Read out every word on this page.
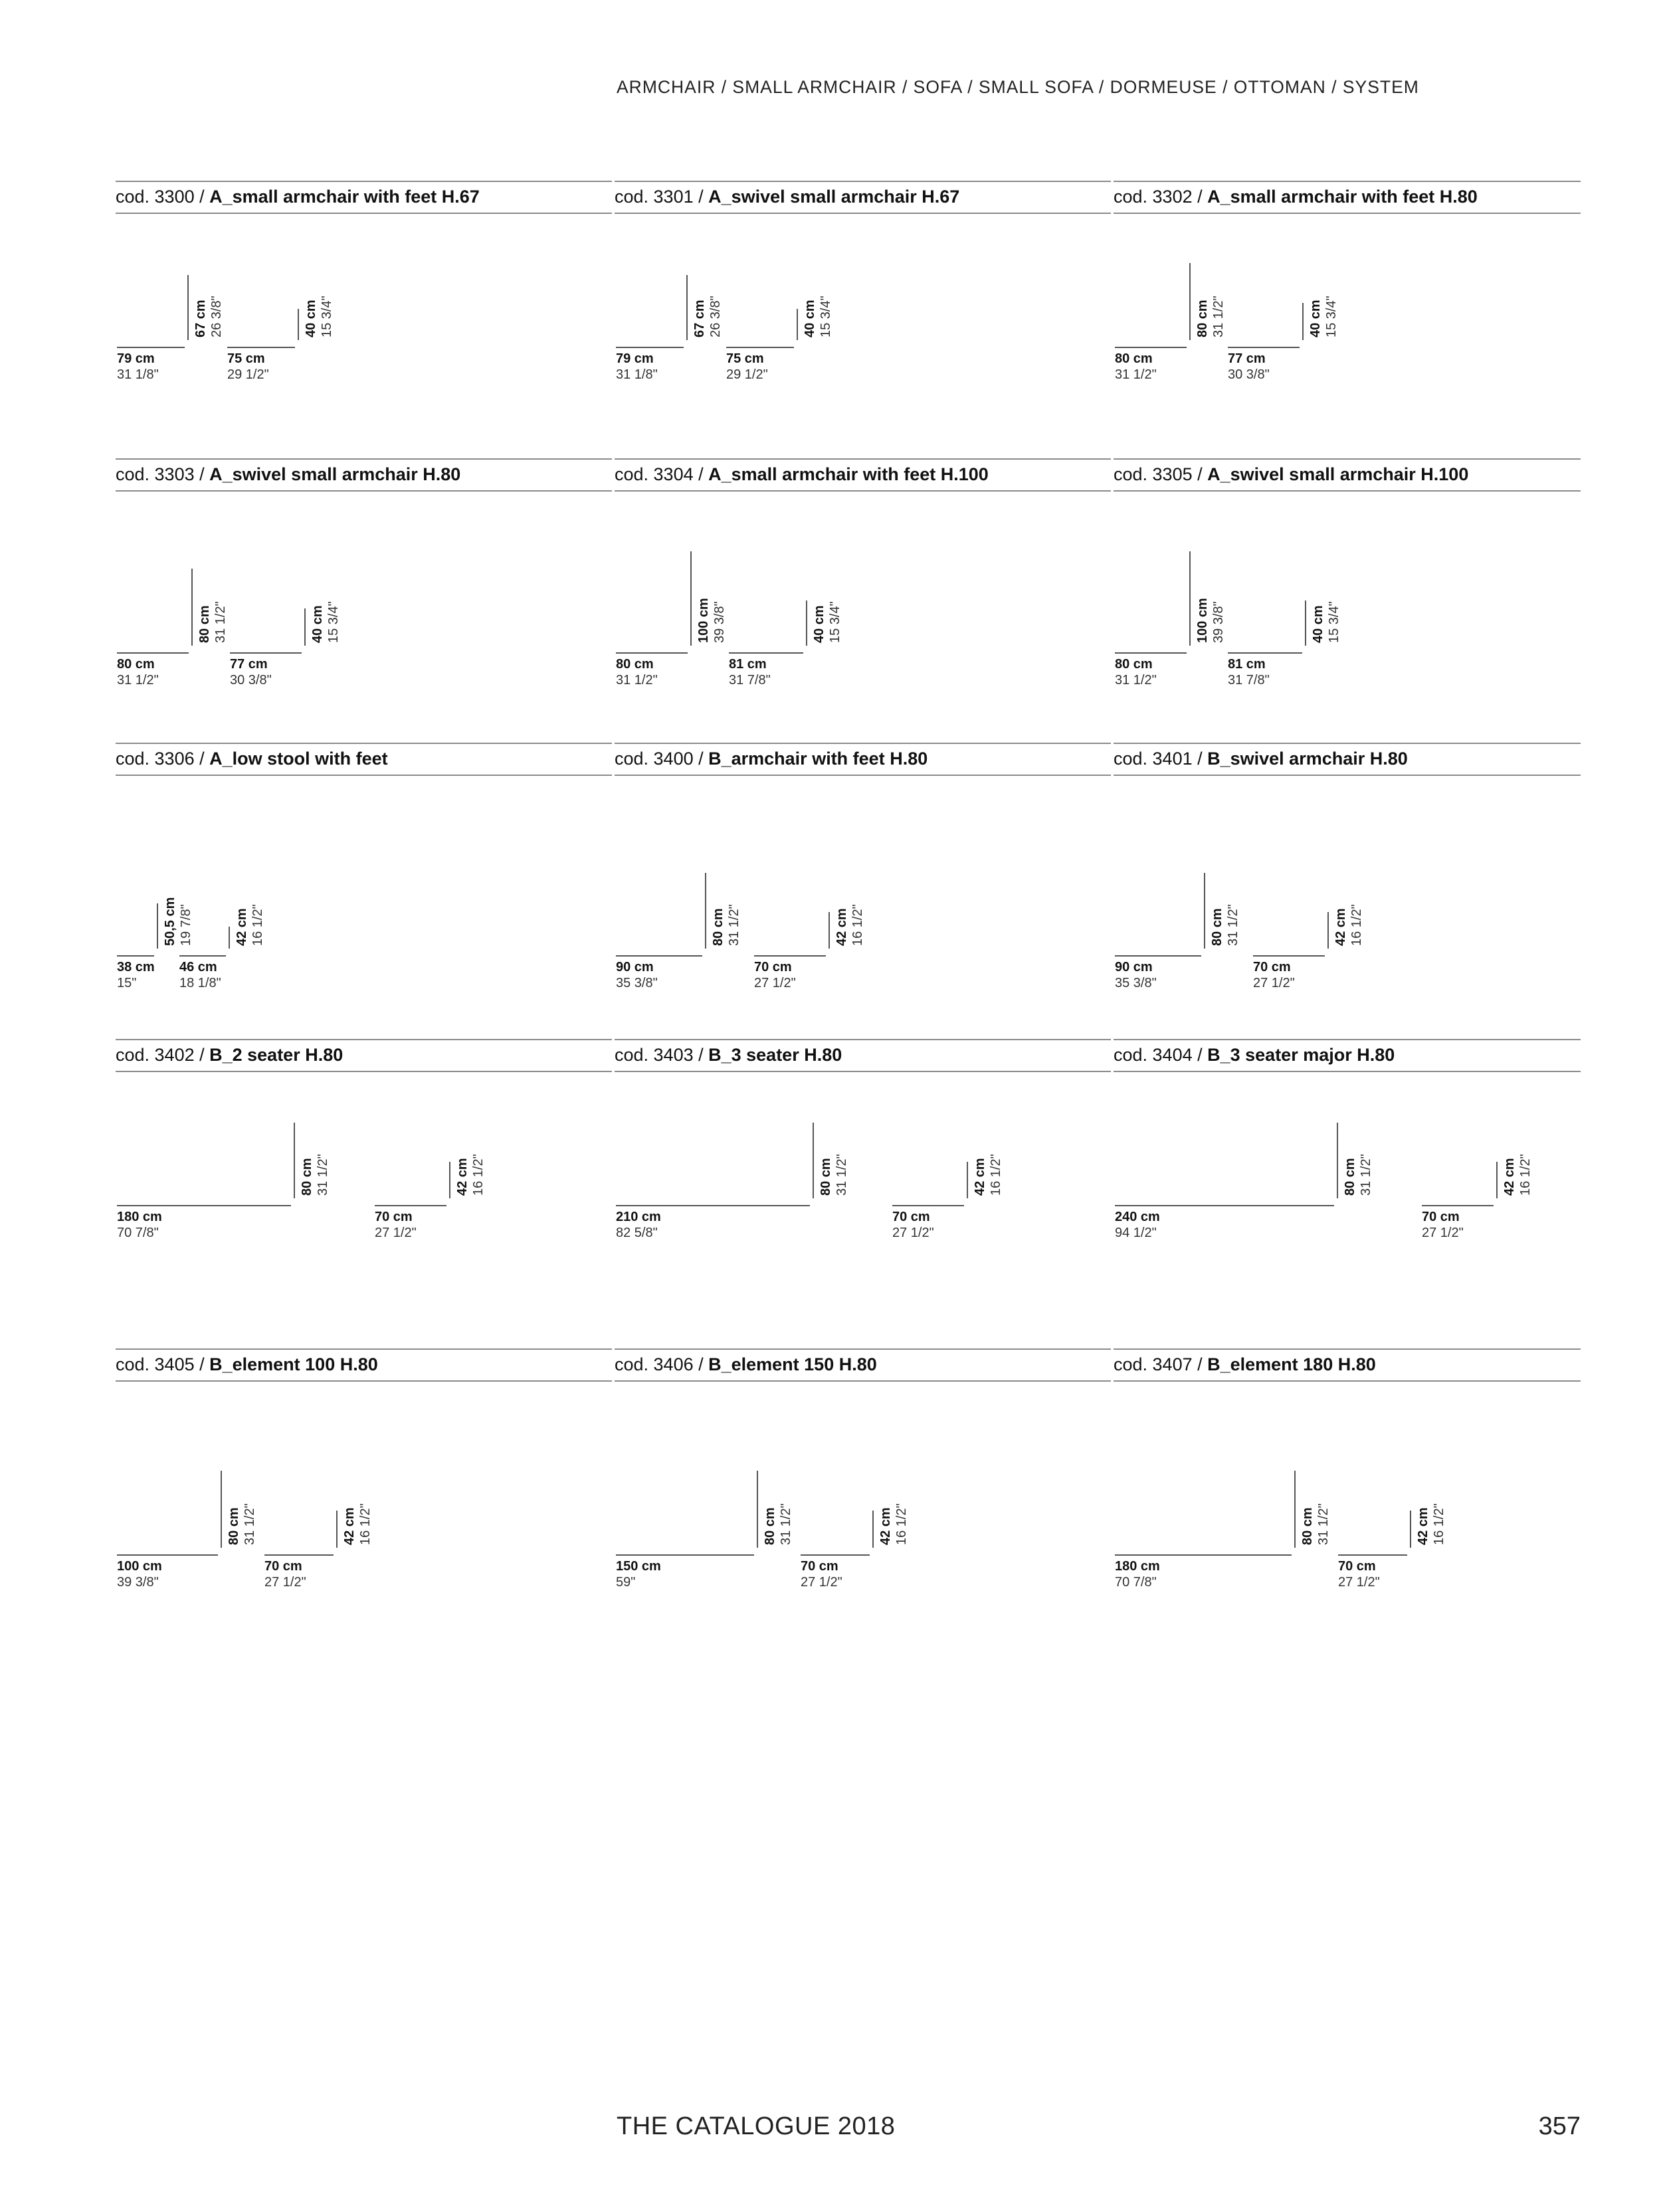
ARMCHAIR / SMALL ARMCHAIR / SOFA / SMALL SOFA / DORMEUSE / OTTOMAN / SYSTEM
cod. 3300 / A_small armchair with feet H.67
67 cm 26 3/8"
79 cm
31 1/8"
40 cm 15 3/4"
75 cm
29 1/2"
cod. 3301 / A_swivel small armchair H.67
67 cm 26 3/8"
79 cm
31 1/8"
40 cm 15 3/4"
75 cm
29 1/2"
cod. 3302 / A_small armchair with feet H.80
80 cm 31 1/2"
80 cm
31 1/2"
40 cm 15 3/4"
77 cm
30 3/8"
cod. 3303 / A_swivel small armchair H.80
80 cm 31 1/2"
80 cm
31 1/2"
40 cm 15 3/4"
77 cm
30 3/8"
cod. 3304 / A_small armchair with feet H.100
100 cm 39 3/8"
80 cm
31 1/2"
40 cm 15 3/4"
81 cm
31 7/8"
cod. 3305 / A_swivel small armchair H.100
100 cm 39 3/8"
80 cm
31 1/2"
40 cm 15 3/4"
81 cm
31 7/8"
cod. 3306 / A_low stool with feet
50,5 cm 19 7/8"
38 cm
15"
42 cm 16 1/2"
46 cm
18 1/8"
cod. 3400 / B_armchair with feet H.80
80 cm 31 1/2"
90 cm
35 3/8"
42 cm 16 1/2"
70 cm
27 1/2"
cod. 3401 / B_swivel armchair H.80
80 cm 31 1/2"
90 cm
35 3/8"
42 cm 16 1/2"
70 cm
27 1/2"
cod. 3402 / B_2 seater H.80
80 cm 31 1/2"
180 cm
70 7/8"
42 cm 16 1/2"
70 cm
27 1/2"
cod. 3403 / B_3 seater H.80
80 cm 31 1/2"
210 cm
82 5/8"
42 cm 16 1/2"
70 cm
27 1/2"
cod. 3404 / B_3 seater major H.80
80 cm 31 1/2"
240 cm
94 1/2"
42 cm 16 1/2"
70 cm
27 1/2"
cod. 3405 / B_element 100 H.80
80 cm 31 1/2"
100 cm
39 3/8"
42 cm 16 1/2"
70 cm
27 1/2"
cod. 3406 / B_element 150 H.80
80 cm 31 1/2"
150 cm
59"
42 cm 16 1/2"
70 cm
27 1/2"
cod. 3407 / B_element 180 H.80
80 cm 31 1/2"
180 cm
70 7/8"
42 cm 16 1/2"
70 cm
27 1/2"
THE CATALOGUE 2018	357
